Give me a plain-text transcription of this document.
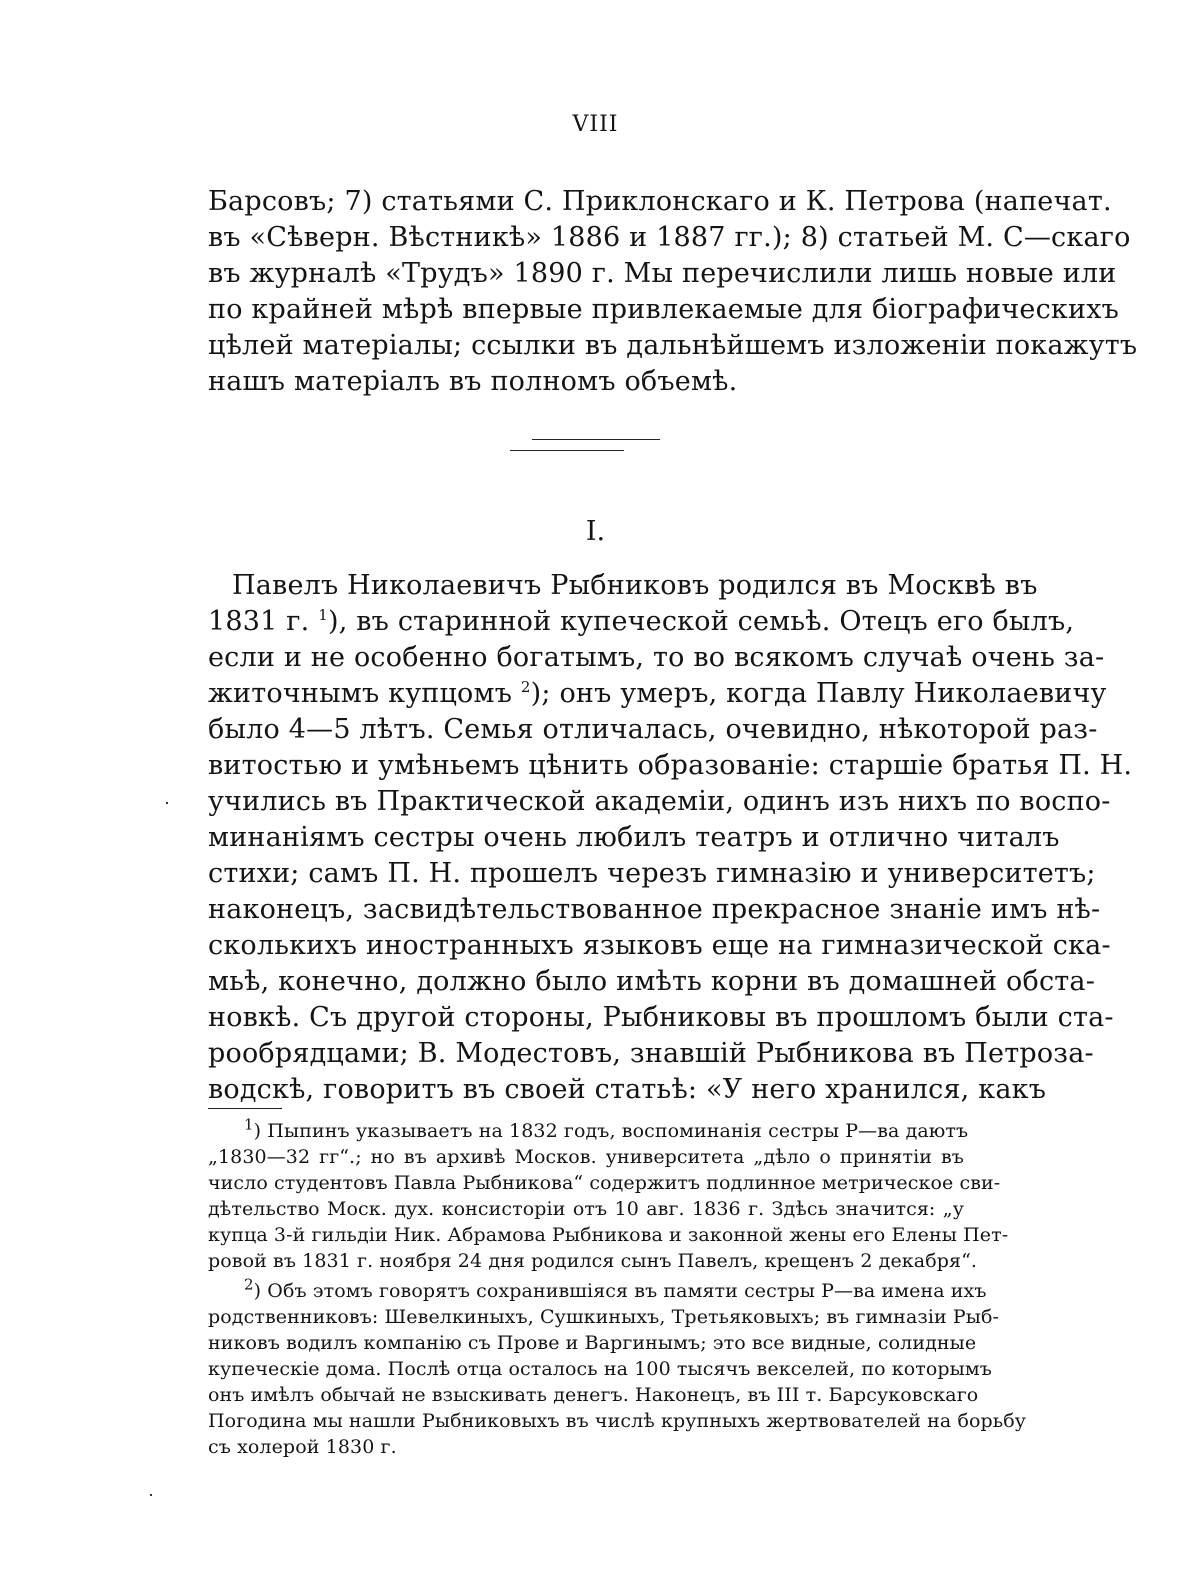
VIII
Барсовъ; 7) статьями С. Приклонскаго и К. Петрова (напечат.
въ «Сѣверн. Вѣстникѣ» 1886 и 1887 гг.); 8) статьей М. С—скаго
въ журналѣ «Трудъ» 1890 г. Мы перечислили лишь новые или
по крайней мѣрѣ впервые привлекаемые для біографическихъ
цѣлей матеріалы; ссылки въ дальнѣйшемъ изложеніи покажутъ
нашъ матеріалъ въ полномъ объемѣ.
I.
Павелъ Николаевичъ Рыбниковъ родился въ Москвѣ въ
1831 г. $^1$), въ старинной купеческой семьѣ. Отецъ его былъ,
если и не особенно богатымъ, то во всякомъ случаѣ очень за-
житочнымъ купцомъ $^2$); онъ умеръ, когда Павлу Николаевичу
было 4—5 лѣтъ. Семья отличалась, очевидно, нѣкоторой раз-
витостью и умѣньемъ цѣнить образованіе: старшіе братья П. Н.
учились въ Практической академіи, одинъ изъ нихъ по воспо-
минаніямъ сестры очень любилъ театръ и отлично читалъ
стихи; самъ П. Н. прошелъ черезъ гимназію и университетъ;
наконецъ, засвидѣтельствованное прекрасное знаніе имъ нѣ-
сколькихъ иностранныхъ языковъ еще на гимназической ска-
мьѣ, конечно, должно было имѣть корни въ домашней обста-
новкѣ. Съ другой стороны, Рыбниковы въ прошломъ были ста-
рообрядцами; В. Модестовъ, знавшій Рыбникова въ Петроза-
водскѣ, говоритъ въ своей статьѣ: «У него хранился, какъ
$^1$) Пыпинъ указываетъ на 1832 годъ, воспоминанія сестры Р—ва даютъ
„1830—32 гг“.; но въ архивѣ Москов. университета „дѣло о принятіи въ
число студентовъ Павла Рыбникова“ содержитъ подлинное метрическое сви-
дѣтельство Моск. дух. консисторіи отъ 10 авг. 1836 г. Здѣсь значится: „у
купца 3-й гильдіи Ник. Абрамова Рыбникова и законной жены его Елены Пет-
ровой въ 1831 г. ноября 24 дня родился сынъ Павелъ, крещенъ 2 декабря“.
$^2$) Объ этомъ говорятъ сохранившіяся въ памяти сестры Р—ва имена ихъ
родственниковъ: Шевелкиныхъ, Сушкиныхъ, Третьяковыхъ; въ гимназіи Рыб-
никовъ водилъ компанію съ Прове и Варгинымъ; это все видные, солидные
купеческіе дома. Послѣ отца осталось на 100 тысячъ векселей, по которымъ
онъ имѣлъ обычай не взыскивать денегъ. Наконецъ, въ III т. Барсуковскаго
Погодина мы нашли Рыбниковыхъ въ числѣ крупныхъ жертвователей на борьбу
съ холерой 1830 г.
